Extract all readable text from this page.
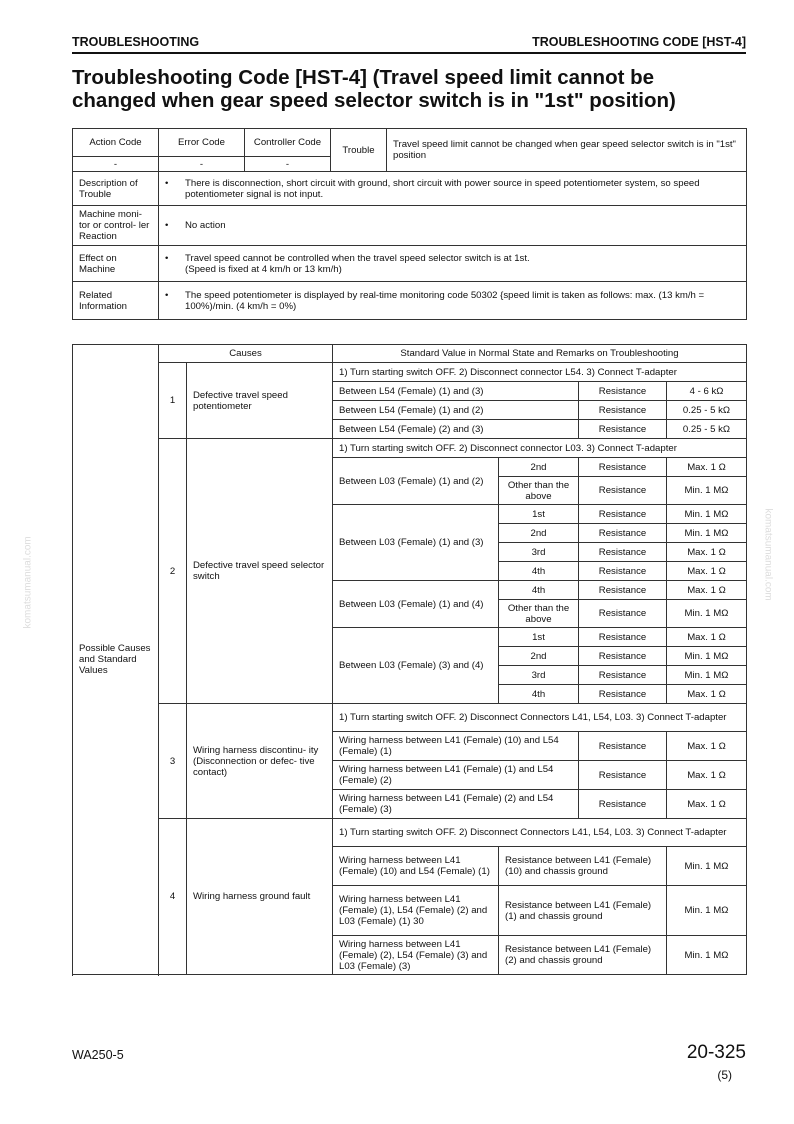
TROUBLESHOOTING	TROUBLESHOOTING CODE [HST-4]
Troubleshooting Code [HST-4] (Travel speed limit cannot be
changed when gear speed selector switch is in "1st" position)
komatsumanual.com	komatsumanual.com
Action Code	Error Code	Controller Code	Trouble	Travel speed limit cannot be changed when gear speed selector switch is in "1st" position
-	-	-		
Description of Trouble	• There is disconnection, short circuit with ground, short circuit with power source in speed potentiometer system, so speed potentiometer signal is not input.			

Machine moni- tor or control- ler Reaction	• No action			

Effect on Machine	• Travel speed cannot be controlled when the travel speed selector switch is at 1st.
(Speed is fixed at 4 km/h or 13 km/h)			

Related Information	• The speed potentiometer is displayed by real-time monitoring code 50302 {speed limit is taken as follows: max. (13 km/h = 100%)/min. (4 km/h = 0%)			
Possible Causes and Standard Values	Causes		Standard Value in Normal State and Remarks on Troubleshooting			
	1	Defective travel speed potentiometer	1) Turn starting switch OFF. 2) Disconnect connector L54. 3) Connect T-adapter			
			Between L54 (Female) (1) and (3)		Resistance	4 - 6 kΩ
			Between L54 (Female) (1) and (2)		Resistance	0.25 - 5 kΩ
			Between L54 (Female) (2) and (3)		Resistance	0.25 - 5 kΩ
	2	Defective travel speed selector switch	1) Turn starting switch OFF. 2) Disconnect connector L03. 3) Connect T-adapter			
			Between L03 (Female) (1) and (2)	2nd	Resistance	Max. 1 Ω
				Other than the above	Resistance	Min. 1 MΩ
			Between L03 (Female) (1) and (3)	1st	Resistance	Min. 1 MΩ
				2nd	Resistance	Min. 1 MΩ
				3rd	Resistance	Max. 1 Ω
				4th	Resistance	Max. 1 Ω
			Between L03 (Female) (1) and (4)	4th	Resistance	Max. 1 Ω
				Other than the above	Resistance	Min. 1 MΩ
			Between L03 (Female) (3) and (4)	1st	Resistance	Max. 1 Ω
				2nd	Resistance	Min. 1 MΩ
				3rd	Resistance	Min. 1 MΩ
				4th	Resistance	Max. 1 Ω

	3	Wiring harness discontinu- ity (Disconnection or defec- tive contact)	1) Turn starting switch OFF. 2) Disconnect Connectors L41, L54, L03. 3) Connect T-adapter			
			Wiring harness between L41 (Female) (10) and L54 (Female) (1)		Resistance	Max. 1 Ω
			Wiring harness between L41 (Female) (1) and L54 (Female) (2)		Resistance	Max. 1 Ω
			Wiring harness between L41 (Female) (2) and L54 (Female) (3)		Resistance	Max. 1 Ω
	4	Wiring harness ground fault	1) Turn starting switch OFF. 2) Disconnect Connectors L41, L54, L03. 3) Connect T-adapter			
			Wiring harness between L41 (Female) (10) and L54 (Female) (1)	Resistance between L41 (Female) (10) and chassis ground		Min. 1 MΩ
			Wiring harness between L41 (Female) (1), L54 (Female) (2) and L03 (Female) (1) 30	Resistance between L41 (Female) (1) and chassis ground		Min. 1 MΩ
			Wiring harness between L41 (Female) (2), L54 (Female) (3) and L03 (Female) (3)	Resistance between L41 (Female) (2) and chassis ground		Min. 1 MΩ

WA250-5	20-325
(5)
